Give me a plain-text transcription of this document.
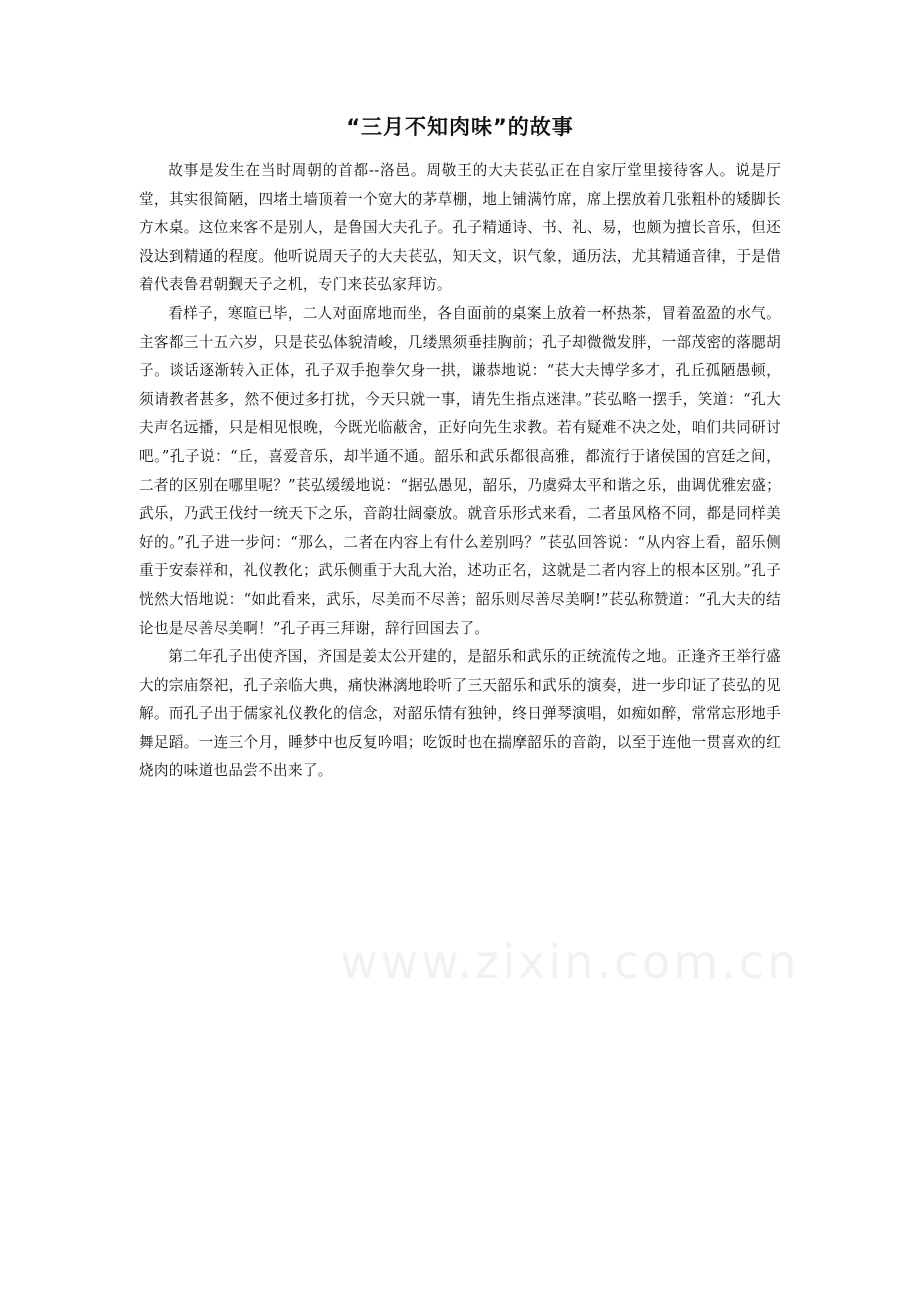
“三月不知肉味”的故事

故事是发生在当时周朝的首都--洛邑。周敬王的大夫苌弘正在自家厅堂里接待客人。说是厅堂，其实很简陋，四堵土墙顶着一个宽大的茅草棚，地上铺满竹席，席上摆放着几张粗朴的矮脚长方木桌。这位来客不是别人，是鲁国大夫孔子。孔子精通诗、书、礼、易，也颇为擅长音乐，但还没达到精通的程度。他听说周天子的大夫苌弘，知天文，识气象，通历法，尤其精通音律，于是借着代表鲁君朝觐天子之机，专门来苌弘家拜访。

看样子，寒暄已毕，二人对面席地而坐，各自面前的桌案上放着一杯热茶，冒着盈盈的水气。主客都三十五六岁，只是苌弘体貌清峻，几缕黑须垂挂胸前；孔子却微微发胖，一部茂密的落腮胡子。谈话逐渐转入正体，孔子双手抱拳欠身一拱，谦恭地说：“苌大夫博学多才，孔丘孤陋愚顿，须请教者甚多，然不便过多打扰，今天只就一事，请先生指点迷津。”苌弘略一摆手，笑道：“孔大夫声名远播，只是相见恨晚，今既光临蔽舍，正好向先生求教。若有疑难不决之处，咱们共同研讨吧。”孔子说：“丘，喜爱音乐，却半通不通。韶乐和武乐都很高雅，都流行于诸侯国的宫廷之间，二者的区别在哪里呢？”苌弘缓缓地说：“据弘愚见，韶乐，乃虞舜太平和谐之乐，曲调优雅宏盛；武乐，乃武王伐纣一统天下之乐，音韵壮阔豪放。就音乐形式来看，二者虽风格不同，都是同样美好的。”孔子进一步问：“那么，二者在内容上有什么差别吗？”苌弘回答说：“从内容上看，韶乐侧重于安泰祥和，礼仪教化；武乐侧重于大乱大治，述功正名，这就是二者内容上的根本区别。”孔子恍然大悟地说：“如此看来，武乐，尽美而不尽善；韶乐则尽善尽美啊!”苌弘称赞道：“孔大夫的结论也是尽善尽美啊！”孔子再三拜谢，辞行回国去了。

第二年孔子出使齐国，齐国是姜太公开建的，是韶乐和武乐的正统流传之地。正逢齐王举行盛大的宗庙祭祀，孔子亲临大典，痛快淋漓地聆听了三天韶乐和武乐的演奏，进一步印证了苌弘的见解。而孔子出于儒家礼仪教化的信念，对韶乐情有独钟，终日弹琴演唱，如痴如醉，常常忘形地手舞足蹈。一连三个月，睡梦中也反复吟唱；吃饭时也在揣摩韶乐的音韵，以至于连他一贯喜欢的红烧肉的味道也品尝不出来了。

www.zixin.com.cn
